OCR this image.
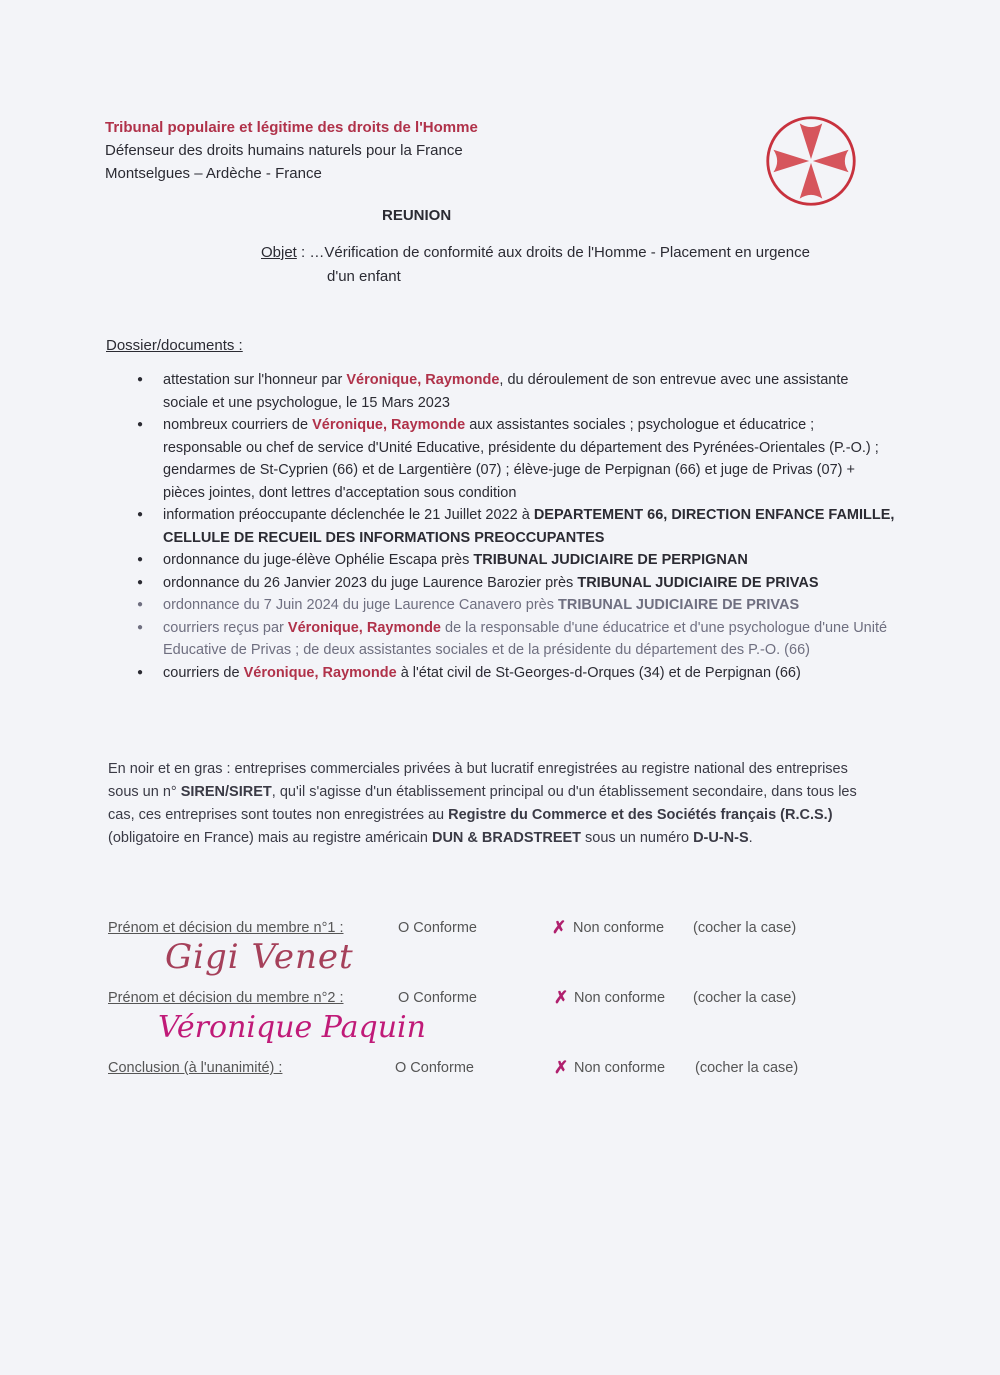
Tribunal populaire et légitime des droits de l'Homme
Défenseur des droits humains naturels pour la France
Montselgues – Ardèche - France
REUNION
Objet : …Vérification de conformité aux droits de l'Homme - Placement en urgence
d'un enfant
Dossier/documents :
● attestation sur l'honneur par Véronique, Raymonde, du déroulement de son entrevue avec une assistante sociale et une psychologue, le 15 Mars 2023
● nombreux courriers de Véronique, Raymonde aux assistantes sociales ; psychologue et éducatrice ; responsable ou chef de service d'Unité Educative, présidente du département des Pyrénées-Orientales (P.-O.) ; gendarmes de St-Cyprien (66) et de Largentière (07) ; élève-juge de Perpignan (66) et juge de Privas (07) + pièces jointes, dont lettres d'acceptation sous condition
● information préoccupante déclenchée le 21 Juillet 2022 à DEPARTEMENT 66, DIRECTION ENFANCE FAMILLE, CELLULE DE RECUEIL DES INFORMATIONS PREOCCUPANTES
● ordonnance du juge-élève Ophélie Escapa près TRIBUNAL JUDICIAIRE DE PERPIGNAN
● ordonnance du 26 Janvier 2023 du juge Laurence Barozier près TRIBUNAL JUDICIAIRE DE PRIVAS
● ordonnance du 7 Juin 2024 du juge Laurence Canavero près TRIBUNAL JUDICIAIRE DE PRIVAS
● courriers reçus par Véronique, Raymonde de la responsable d'une éducatrice et d'une psychologue d'une Unité Educative de Privas ; de deux assistantes sociales et de la présidente du département des P.-O. (66)
● courriers de Véronique, Raymonde à l'état civil de St-Georges-d-Orques (34) et de Perpignan (66)
En noir et en gras : entreprises commerciales privées à but lucratif enregistrées au registre national des entreprises sous un n° SIREN/SIRET, qu'il s'agisse d'un établissement principal ou d'un établissement secondaire, dans tous les cas, ces entreprises sont toutes non enregistrées au Registre du Commerce et des Sociétés français (R.C.S.) (obligatoire en France) mais au registre américain DUN & BRADSTREET sous un numéro D-U-N-S.
Prénom et décision du membre n°1 :	O Conforme	✗ Non conforme (cocher la case)
Gigi Venet
Prénom et décision du membre n°2 :	O Conforme	✗ Non conforme (cocher la case)
Véronique Paquin
Conclusion (à l'unanimité) :	O Conforme	✗ Non conforme (cocher la case)
